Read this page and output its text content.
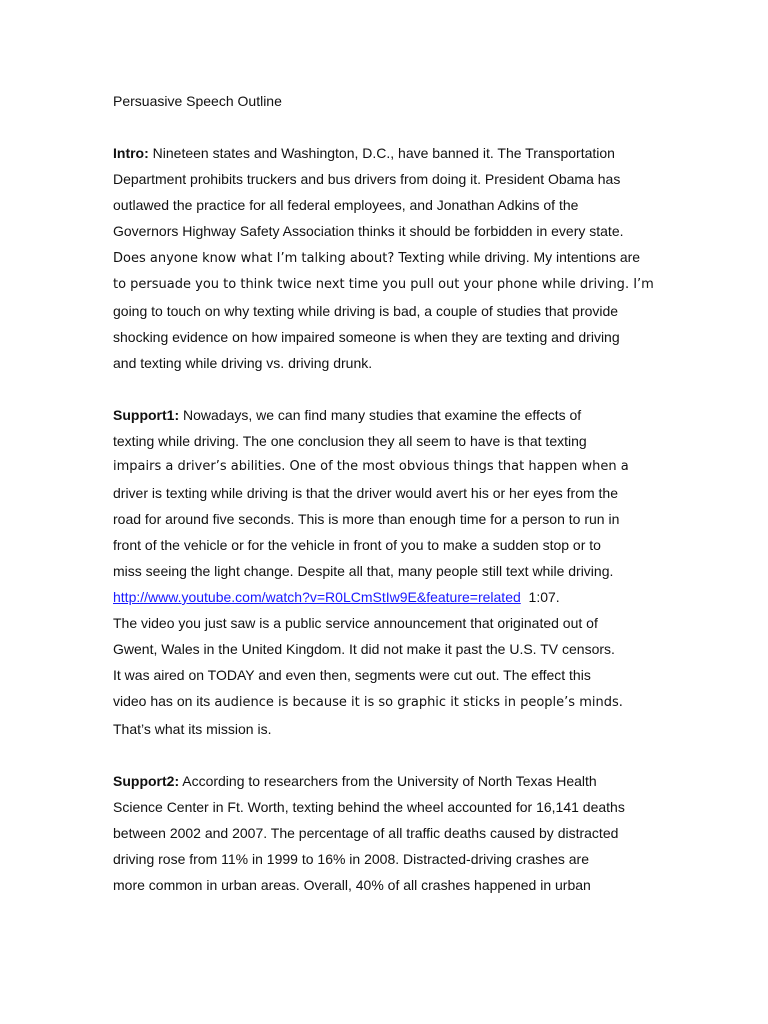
Persuasive Speech Outline
Intro: Nineteen states and Washington, D.C., have banned it. The Transportation
Department prohibits truckers and bus drivers from doing it. President Obama has
outlawed the practice for all federal employees, and Jonathan Adkins of the
Governors Highway Safety Association thinks it should be forbidden in every state.
Does anyone know what I’m talking about? Texting while driving. My intentions are
to persuade you to think twice next time you pull out your phone while driving. I’m
going to touch on why texting while driving is bad, a couple of studies that provide
shocking evidence on how impaired someone is when they are texting and driving
and texting while driving vs. driving drunk.
Support1: Nowadays, we can find many studies that examine the effects of
texting while driving. The one conclusion they all seem to have is that texting
impairs a driver’s abilities. One of the most obvious things that happen when a
driver is texting while driving is that the driver would avert his or her eyes from the
road for around five seconds. This is more than enough time for a person to run in
front of the vehicle or for the vehicle in front of you to make a sudden stop or to
miss seeing the light change. Despite all that, many people still text while driving.
http://www.youtube.com/watch?v=R0LCmStIw9E&feature=related  1:07.
The video you just saw is a public service announcement that originated out of
Gwent, Wales in the United Kingdom. It did not make it past the U.S. TV censors.
It was aired on TODAY and even then, segments were cut out. The effect this
video has on its audience is because it is so graphic it sticks in people’s minds.
That’s what its mission is.
Support2: According to researchers from the University of North Texas Health
Science Center in Ft. Worth, texting behind the wheel accounted for 16,141 deaths
between 2002 and 2007. The percentage of all traffic deaths caused by distracted
driving rose from 11% in 1999 to 16% in 2008. Distracted-driving crashes are
more common in urban areas. Overall, 40% of all crashes happened in urban
